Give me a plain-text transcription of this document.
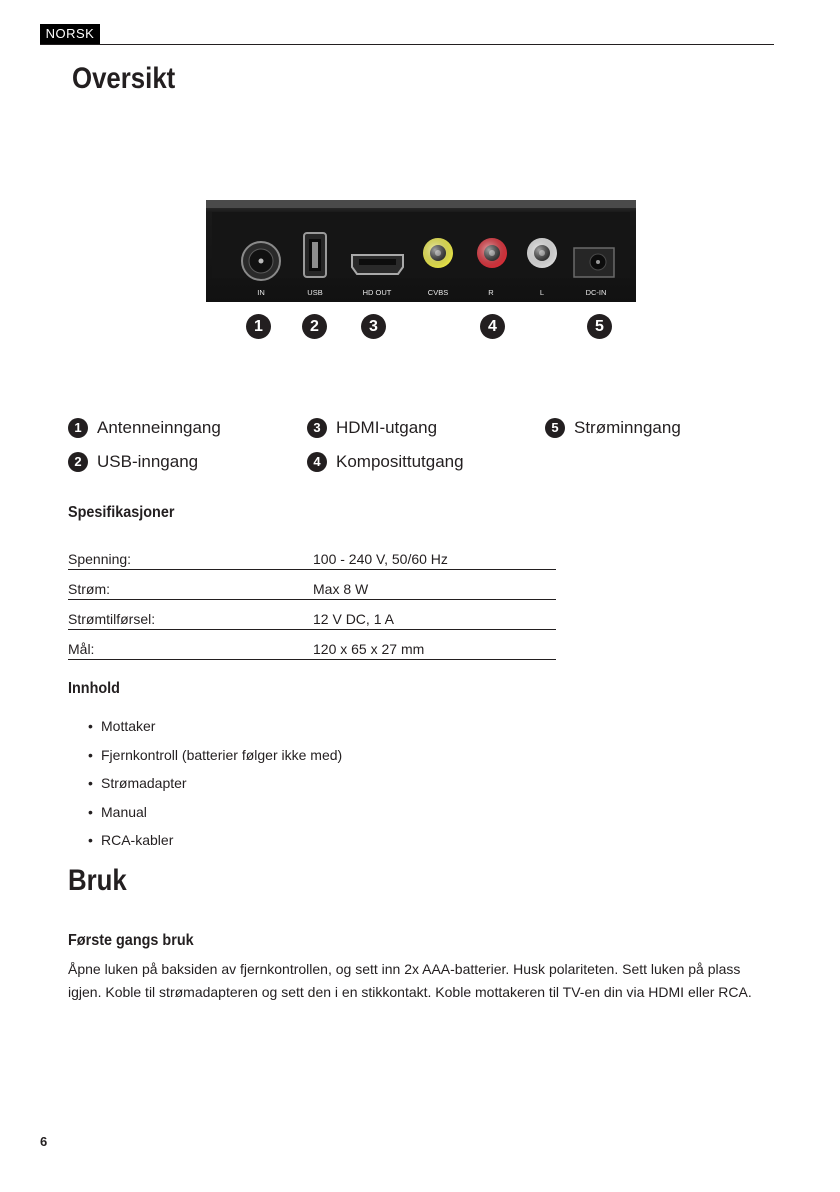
NORSK
Oversikt
IN	USB	HD OUT	CVBS	R	L	DC-IN
1	2	3	4	5
1 Antenneinngang
2 USB-inngang
3 HDMI-utgang
4 Komposittutgang
5 Strøminngang
Spesifikasjoner
Spenning:	100 - 240 V, 50/60 Hz
Strøm:	Max 8 W
Strømtilførsel:	12 V DC, 1 A
Mål:	120 x 65 x 27 mm
Innhold
• Mottaker
• Fjernkontroll (batterier følger ikke med)
• Strømadapter
• Manual
• RCA-kabler
Bruk
Første gangs bruk

Åpne luken på baksiden av fjernkontrollen, og sett inn 2x AAA-batterier. Husk polariteten. Sett luken på plass igjen. Koble til strømadapteren og sett den i en stikkontakt. Koble mottakeren til TV-en din via HDMI eller RCA.

6
